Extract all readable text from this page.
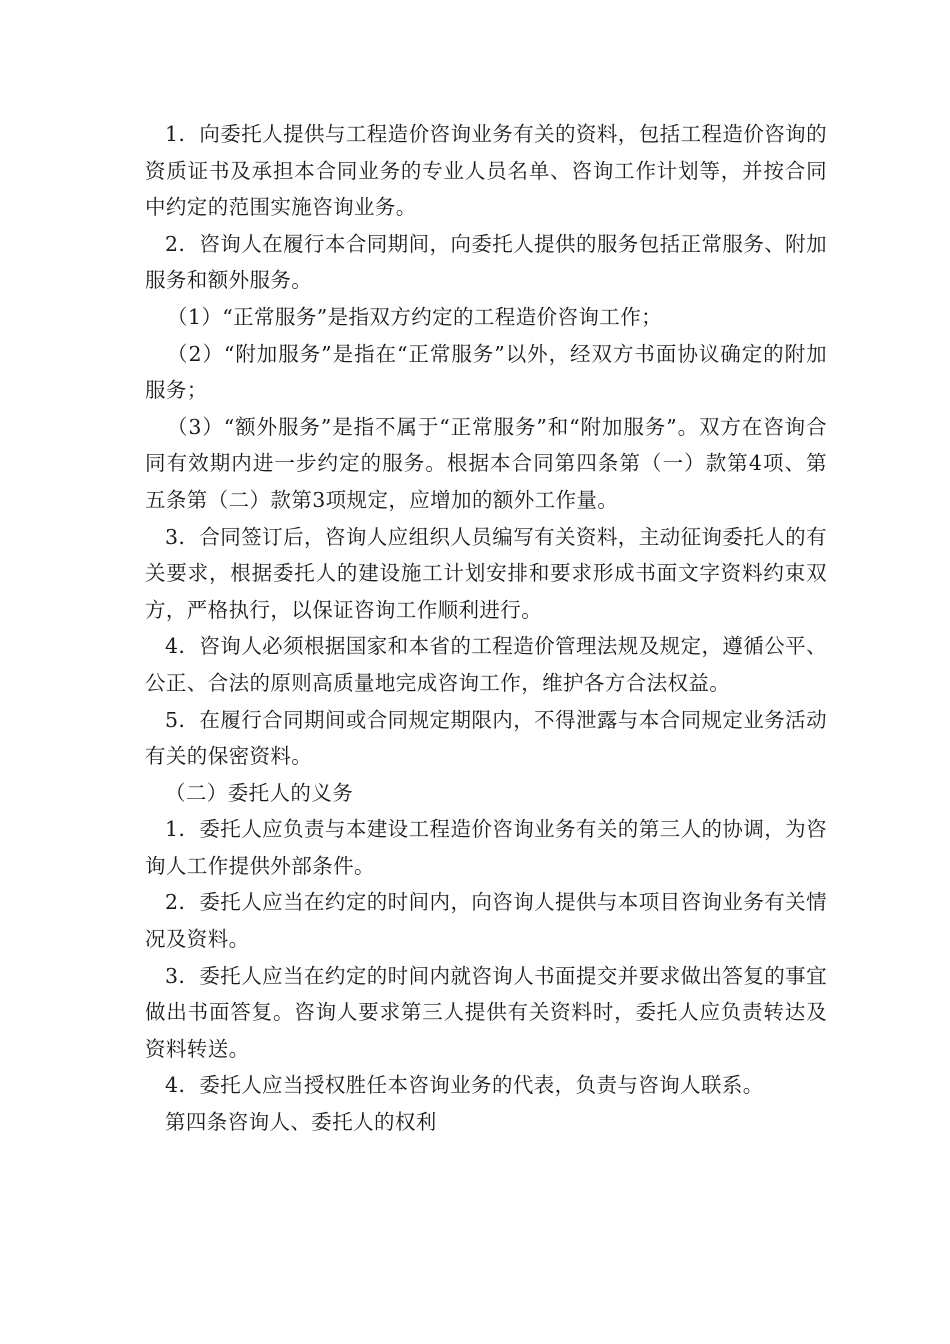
1．向委托人提供与工程造价咨询业务有关的资料，包括工程造价咨询的资质证书及承担本合同业务的专业人员名单、咨询工作计划等，并按合同中约定的范围实施咨询业务。

2．咨询人在履行本合同期间，向委托人提供的服务包括正常服务、附加服务和额外服务。

（1）“正常服务”是指双方约定的工程造价咨询工作；

（2）“附加服务”是指在“正常服务”以外，经双方书面协议确定的附加服务；

（3）“额外服务”是指不属于“正常服务”和“附加服务”。双方在咨询合同有效期内进一步约定的服务。根据本合同第四条第（一）款第4项、第五条第（二）款第3项规定，应增加的额外工作量。

3．合同签订后，咨询人应组织人员编写有关资料，主动征询委托人的有关要求，根据委托人的建设施工计划安排和要求形成书面文字资料约束双方，严格执行，以保证咨询工作顺利进行。

4．咨询人必须根据国家和本省的工程造价管理法规及规定，遵循公平、公正、合法的原则高质量地完成咨询工作，维护各方合法权益。

5．在履行合同期间或合同规定期限内，不得泄露与本合同规定业务活动有关的保密资料。

（二）委托人的义务

1．委托人应负责与本建设工程造价咨询业务有关的第三人的协调，为咨询人工作提供外部条件。

2．委托人应当在约定的时间内，向咨询人提供与本项目咨询业务有关情况及资料。

3．委托人应当在约定的时间内就咨询人书面提交并要求做出答复的事宜做出书面答复。咨询人要求第三人提供有关资料时，委托人应负责转达及资料转送。

4．委托人应当授权胜任本咨询业务的代表，负责与咨询人联系。

第四条咨询人、委托人的权利
